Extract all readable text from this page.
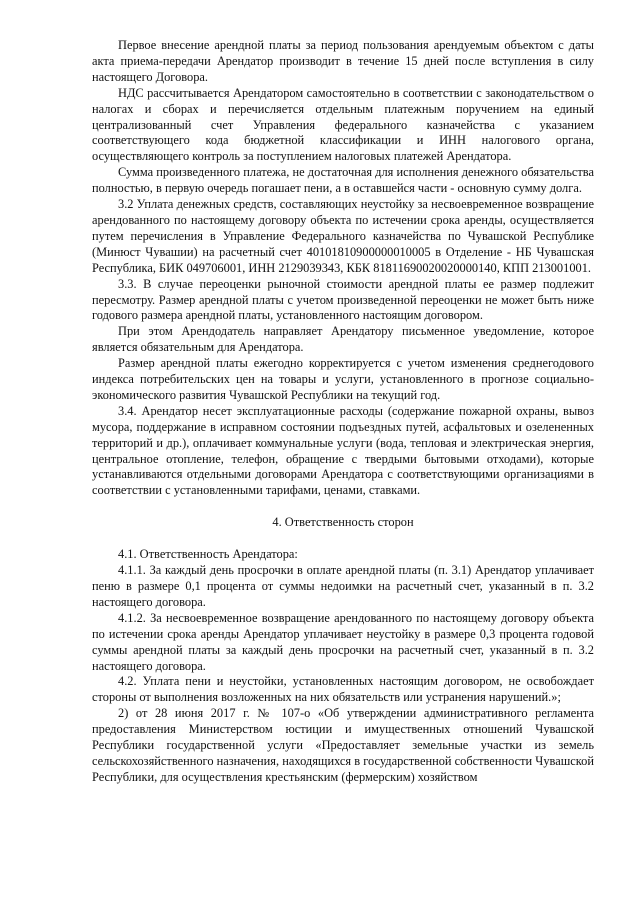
Первое внесение арендной платы за период пользования арендуемым объектом с даты акта приема-передачи Арендатор производит в течение 15 дней после вступления в силу настоящего Договора.

НДС рассчитывается Арендатором самостоятельно в соответствии с законодательством о налогах и сборах и перечисляется отдельным платежным поручением на единый централизованный счет Управления федерального казначейства с указанием соответствующего кода бюджетной классификации и ИНН налогового органа, осуществляющего контроль за поступлением налоговых платежей Арендатора.

Сумма произведенного платежа, не достаточная для исполнения денежного обязательства полностью, в первую очередь погашает пени, а в оставшейся части - основную сумму долга.

3.2 Уплата денежных средств, составляющих неустойку за несвоевременное возвращение арендованного по настоящему договору объекта по истечении срока аренды, осуществляется путем перечисления в Управление Федерального казначейства по Чувашской Республике (Минюст Чувашии) на расчетный счет 40101810900000010005 в Отделение - НБ Чувашская Республика, БИК 049706001, ИНН 2129039343, КБК 81811690020020000140, КПП 213001001.

3.3. В случае переоценки рыночной стоимости арендной платы ее размер подлежит пересмотру. Размер арендной платы с учетом произведенной переоценки не может быть ниже годового размера арендной платы, установленного настоящим договором.

При этом Арендодатель направляет Арендатору письменное уведомление, которое является обязательным для Арендатора.

Размер арендной платы ежегодно корректируется с учетом изменения среднегодового индекса потребительских цен на товары и услуги, установленного в прогнозе социально-экономического развития Чувашской Республики на текущий год.

3.4. Арендатор несет эксплуатационные расходы (содержание пожарной охраны, вывоз мусора, поддержание в исправном состоянии подъездных путей, асфальтовых и озелененных территорий и др.), оплачивает коммунальные услуги (вода, тепловая и электрическая энергия, центральное отопление, телефон, обращение с твердыми бытовыми отходами), которые устанавливаются отдельными договорами Арендатора с соответствующими организациями в соответствии с установленными тарифами, ценами, ставками.

4. Ответственность сторон

4.1. Ответственность Арендатора:

4.1.1. За каждый день просрочки в оплате арендной платы (п. 3.1) Арендатор уплачивает пеню в размере 0,1 процента от суммы недоимки на расчетный счет, указанный в п. 3.2 настоящего договора.

4.1.2. За несвоевременное возвращение арендованного по настоящему договору объекта по истечении срока аренды Арендатор уплачивает неустойку в размере 0,3 процента годовой суммы арендной платы за каждый день просрочки на расчетный счет, указанный в п. 3.2 настоящего договора.

4.2. Уплата пени и неустойки, установленных настоящим договором, не освобождает стороны от выполнения возложенных на них обязательств или устранения нарушений.»;

2) от 28 июня 2017 г. № 107-о «Об утверждении административного регламента предоставления Министерством юстиции и имущественных отношений Чувашской Республики государственной услуги «Предоставляет земельные участки из земель сельскохозяйственного назначения, находящихся в государственной собственности Чувашской Республики, для осуществления крестьянским (фермерским) хозяйством
